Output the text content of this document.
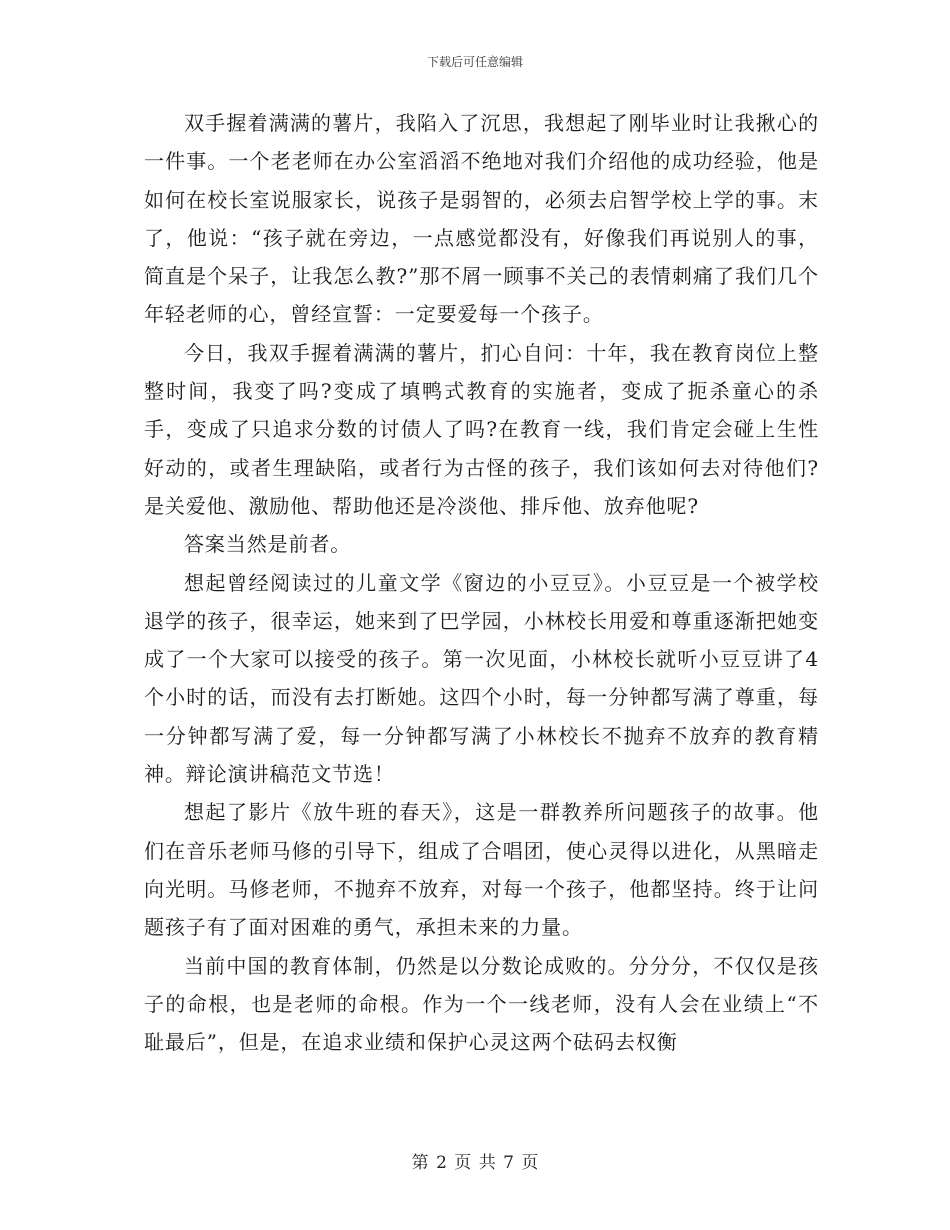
下载后可任意编辑

双手握着满满的薯片，我陷入了沉思，我想起了刚毕业时让我揪心的一件事。一个老老师在办公室滔滔不绝地对我们介绍他的成功经验，他是如何在校长室说服家长，说孩子是弱智的，必须去启智学校上学的事。末了，他说：“孩子就在旁边，一点感觉都没有，好像我们再说别人的事，简直是个呆子，让我怎么教?”那不屑一顾事不关己的表情刺痛了我们几个年轻老师的心，曾经宣誓：一定要爱每一个孩子。

今日，我双手握着满满的薯片，扪心自问：十年，我在教育岗位上整整时间，我变了吗?变成了填鸭式教育的实施者，变成了扼杀童心的杀手，变成了只追求分数的讨债人了吗?在教育一线，我们肯定会碰上生性好动的，或者生理缺陷，或者行为古怪的孩子，我们该如何去对待他们?是关爱他、激励他、帮助他还是冷淡他、排斥他、放弃他呢?

答案当然是前者。

想起曾经阅读过的儿童文学《窗边的小豆豆》。小豆豆是一个被学校退学的孩子，很幸运，她来到了巴学园，小林校长用爱和尊重逐渐把她变成了一个大家可以接受的孩子。第一次见面，小林校长就听小豆豆讲了4个小时的话，而没有去打断她。这四个小时，每一分钟都写满了尊重，每一分钟都写满了爱，每一分钟都写满了小林校长不抛弃不放弃的教育精神。辩论演讲稿范文节选！

想起了影片《放牛班的春天》，这是一群教养所问题孩子的故事。他们在音乐老师马修的引导下，组成了合唱团，使心灵得以进化，从黑暗走向光明。马修老师，不抛弃不放弃，对每一个孩子，他都坚持。终于让问题孩子有了面对困难的勇气，承担未来的力量。

当前中国的教育体制，仍然是以分数论成败的。分分分，不仅仅是孩子的命根，也是老师的命根。作为一个一线老师，没有人会在业绩上“不耻最后”，但是，在追求业绩和保护心灵这两个砝码去权衡

第 2 页 共 7 页
